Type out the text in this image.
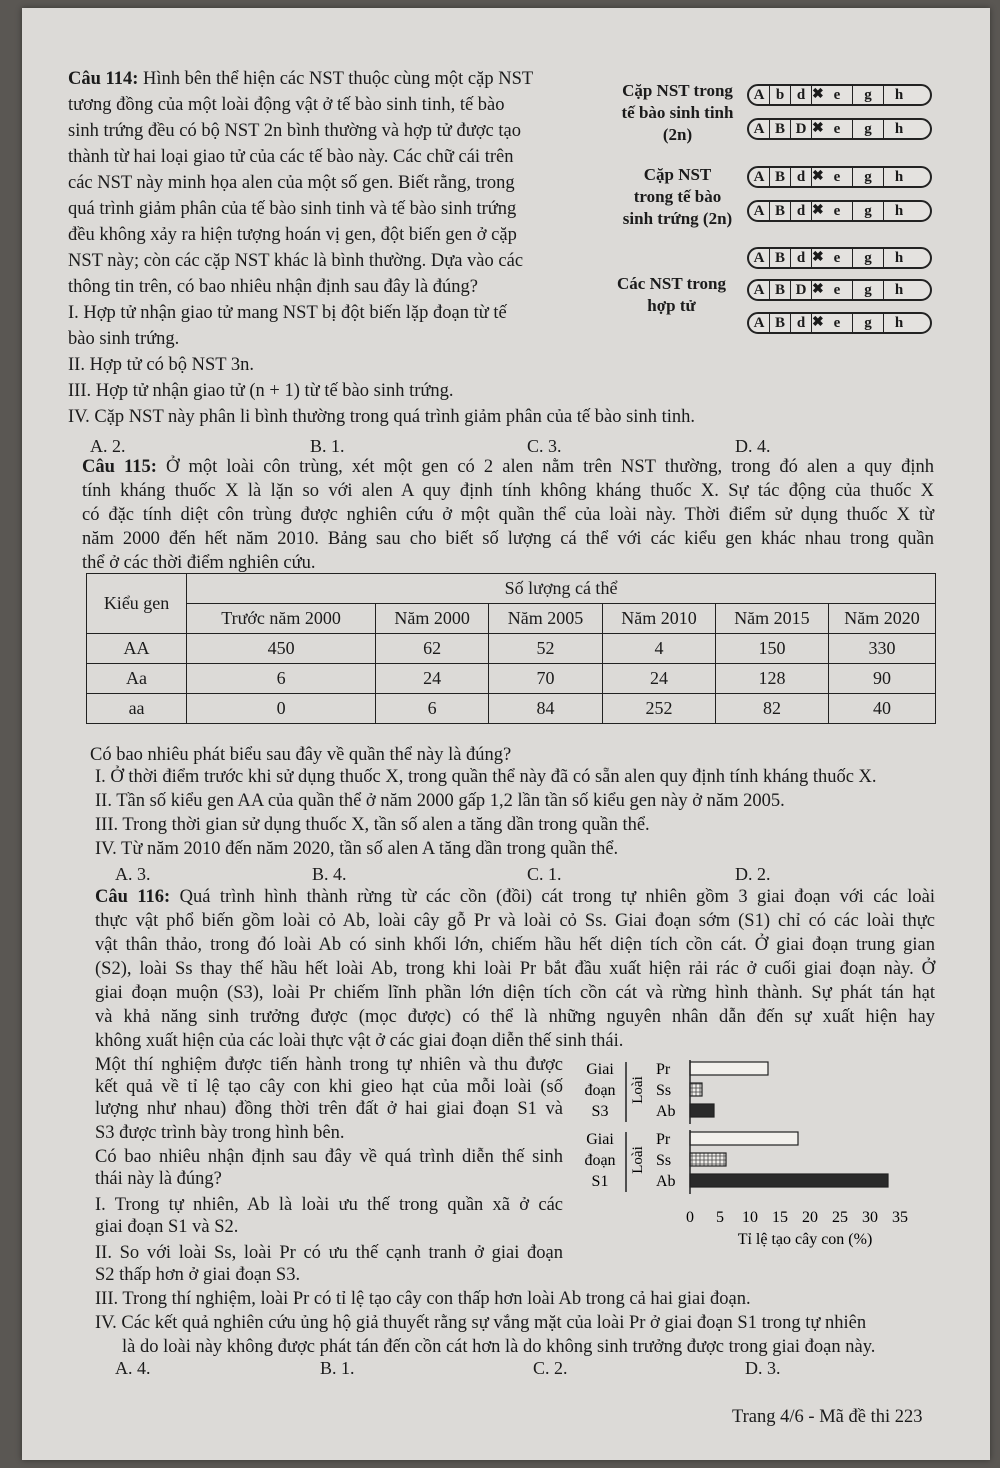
Câu 114: Hình bên thể hiện các NST thuộc cùng một cặp NST
tương đồng của một loài động vật ở tế bào sinh tinh, tế bào
sinh trứng đều có bộ NST 2n bình thường và hợp tử được tạo
thành từ hai loại giao tử của các tế bào này. Các chữ cái trên
các NST này minh họa alen của một số gen. Biết rằng, trong
quá trình giảm phân của tế bào sinh tinh và tế bào sinh trứng
đều không xảy ra hiện tượng hoán vị gen, đột biến gen ở cặp
NST này; còn các cặp NST khác là bình thường. Dựa vào các
thông tin trên, có bao nhiêu nhận định sau đây là đúng?
I. Hợp tử nhận giao tử mang NST bị đột biến lặp đoạn từ tế
bào sinh trứng.
II. Hợp tử có bộ NST 3n.
III. Hợp tử nhận giao tử (n + 1) từ tế bào sinh trứng.
IV. Cặp NST này phân li bình thường trong quá trình giảm phân của tế bào sinh tinh.
A. 2.	B. 1.	C. 3.	D. 4.
Cặp NST trong
tế bào sinh tinh
(2n)
A b d ✖ e	g	h
A B D ✖ e	g	h
Cặp NST
trong tế bào
sinh trứng (2n)
A B d ✖ e	g	h
A B d ✖ e	g	h
Các NST trong
hợp tử
A B d ✖ e	g	h
A B D ✖ e	g	h
A B d ✖ e	g	h
Câu 115: Ở một loài côn trùng, xét một gen có 2 alen nằm trên NST thường, trong đó alen a quy định
tính kháng thuốc X là lặn so với alen A quy định tính không kháng thuốc X. Sự tác động của thuốc X
có đặc tính diệt côn trùng được nghiên cứu ở một quần thể của loài này. Thời điểm sử dụng thuốc X từ
năm 2000 đến hết năm 2010. Bảng sau cho biết số lượng cá thể với các kiểu gen khác nhau trong quần
thể ở các thời điểm nghiên cứu.
Kiểu gen	Số lượng cá thể					
	Trước năm 2000	Năm 2000	Năm 2005	Năm 2010	Năm 2015	Năm 2020
AA	450	62	52	4	150	330
Aa	6	24	70	24	128	90
aa	0	6	84	252	82	40
Có bao nhiêu phát biểu sau đây về quần thể này là đúng?
I. Ở thời điểm trước khi sử dụng thuốc X, trong quần thể này đã có sẵn alen quy định tính kháng thuốc X.
II. Tần số kiểu gen AA của quần thể ở năm 2000 gấp 1,2 lần tần số kiểu gen này ở năm 2005.
III. Trong thời gian sử dụng thuốc X, tần số alen a tăng dần trong quần thể.
IV. Từ năm 2010 đến năm 2020, tần số alen A tăng dần trong quần thể.
A. 3.	B. 4.	C. 1.	D. 2.
Câu 116: Quá trình hình thành rừng từ các cồn (đồi) cát trong tự nhiên gồm 3 giai đoạn với các loài
thực vật phổ biến gồm loài cỏ Ab, loài cây gỗ Pr và loài cỏ Ss. Giai đoạn sớm (S1) chỉ có các loài thực
vật thân thảo, trong đó loài Ab có sinh khối lớn, chiếm hầu hết diện tích cồn cát. Ở giai đoạn trung gian
(S2), loài Ss thay thế hầu hết loài Ab, trong khi loài Pr bắt đầu xuất hiện rải rác ở cuối giai đoạn này. Ở
giai đoạn muộn (S3), loài Pr chiếm lĩnh phần lớn diện tích cồn cát và rừng hình thành. Sự phát tán hạt
và khả năng sinh trưởng được (mọc được) có thể là những nguyên nhân dẫn đến sự xuất hiện hay
không xuất hiện của các loài thực vật ở các giai đoạn diễn thế sinh thái.
Một thí nghiệm được tiến hành trong tự nhiên và thu được
kết quả về tỉ lệ tạo cây con khi gieo hạt của mỗi loài (số
lượng như nhau) đồng thời trên đất ở hai giai đoạn S1 và
S3 được trình bày trong hình bên.
Có bao nhiêu nhận định sau đây về quá trình diễn thế sinh
thái này là đúng?
I. Trong tự nhiên, Ab là loài ưu thế trong quần xã ở các
giai đoạn S1 và S2.
II. So với loài Ss, loài Pr có ưu thế cạnh tranh ở giai đoạn
S2 thấp hơn ở giai đoạn S3.
III. Trong thí nghiệm, loài Pr có tỉ lệ tạo cây con thấp hơn loài Ab trong cả hai giai đoạn.
IV. Các kết quả nghiên cứu ủng hộ giả thuyết rằng sự vắng mặt của loài Pr ở giai đoạn S1 trong tự nhiên
là do loài này không được phát tán đến cồn cát hơn là do không sinh trưởng được trong giai đoạn này.
A. 4.	B. 1.	C. 2.	D. 3.
Giai
đoạn
S3
Loài
Pr
Ss
Ab
Giai
đoạn
S1
Loài
Pr
Ss
Ab
0 5 10 15 20 25 30 35
Tỉ lệ tạo cây con (%)
Trang 4/6 - Mã đề thi 223
